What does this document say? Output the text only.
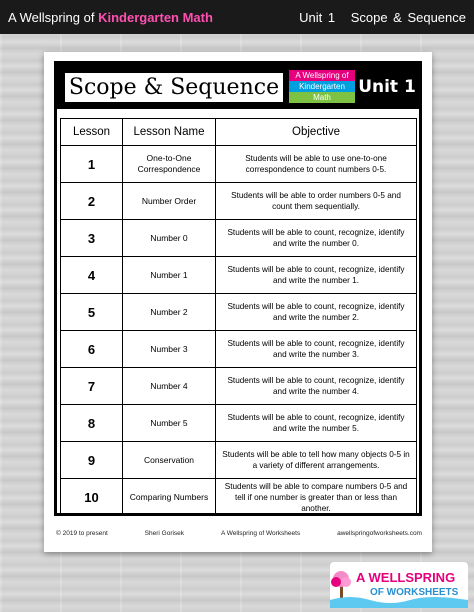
A Wellspring of Kindergarten Math	Unit 1 Scope & Sequence
Scope & Sequence	A Wellspring of
Kindergarten
Math
Unit 1
Lesson	Lesson Name	Objective
1	One-to-One Correspondence	Students will be able to use one-to-one correspondence to count numbers 0-5.
2	Number Order	Students will be able to order numbers 0-5 and count them sequentially.
3	Number 0	Students will be able to count, recognize, identify and write the number 0.
4	Number 1	Students will be able to count, recognize, identify and write the number 1.
5	Number 2	Students will be able to count, recognize, identify and write the number 2.
6	Number 3	Students will be able to count, recognize, identify and write the number 3.
7	Number 4	Students will be able to count, recognize, identify and write the number 4.
8	Number 5	Students will be able to count, recognize, identify and write the number 5.
9	Conservation	Students will be able to tell how many objects 0-5 in a variety of different arrangements.
10	Comparing Numbers	Students will be able to compare numbers 0-5 and tell if one number is greater than or less than another.
© 2019 to present	Sheri Gorisek	A Wellspring of Worksheets	awellspringofworksheets.com
A WELLSPRING
OF WORKSHEETS
